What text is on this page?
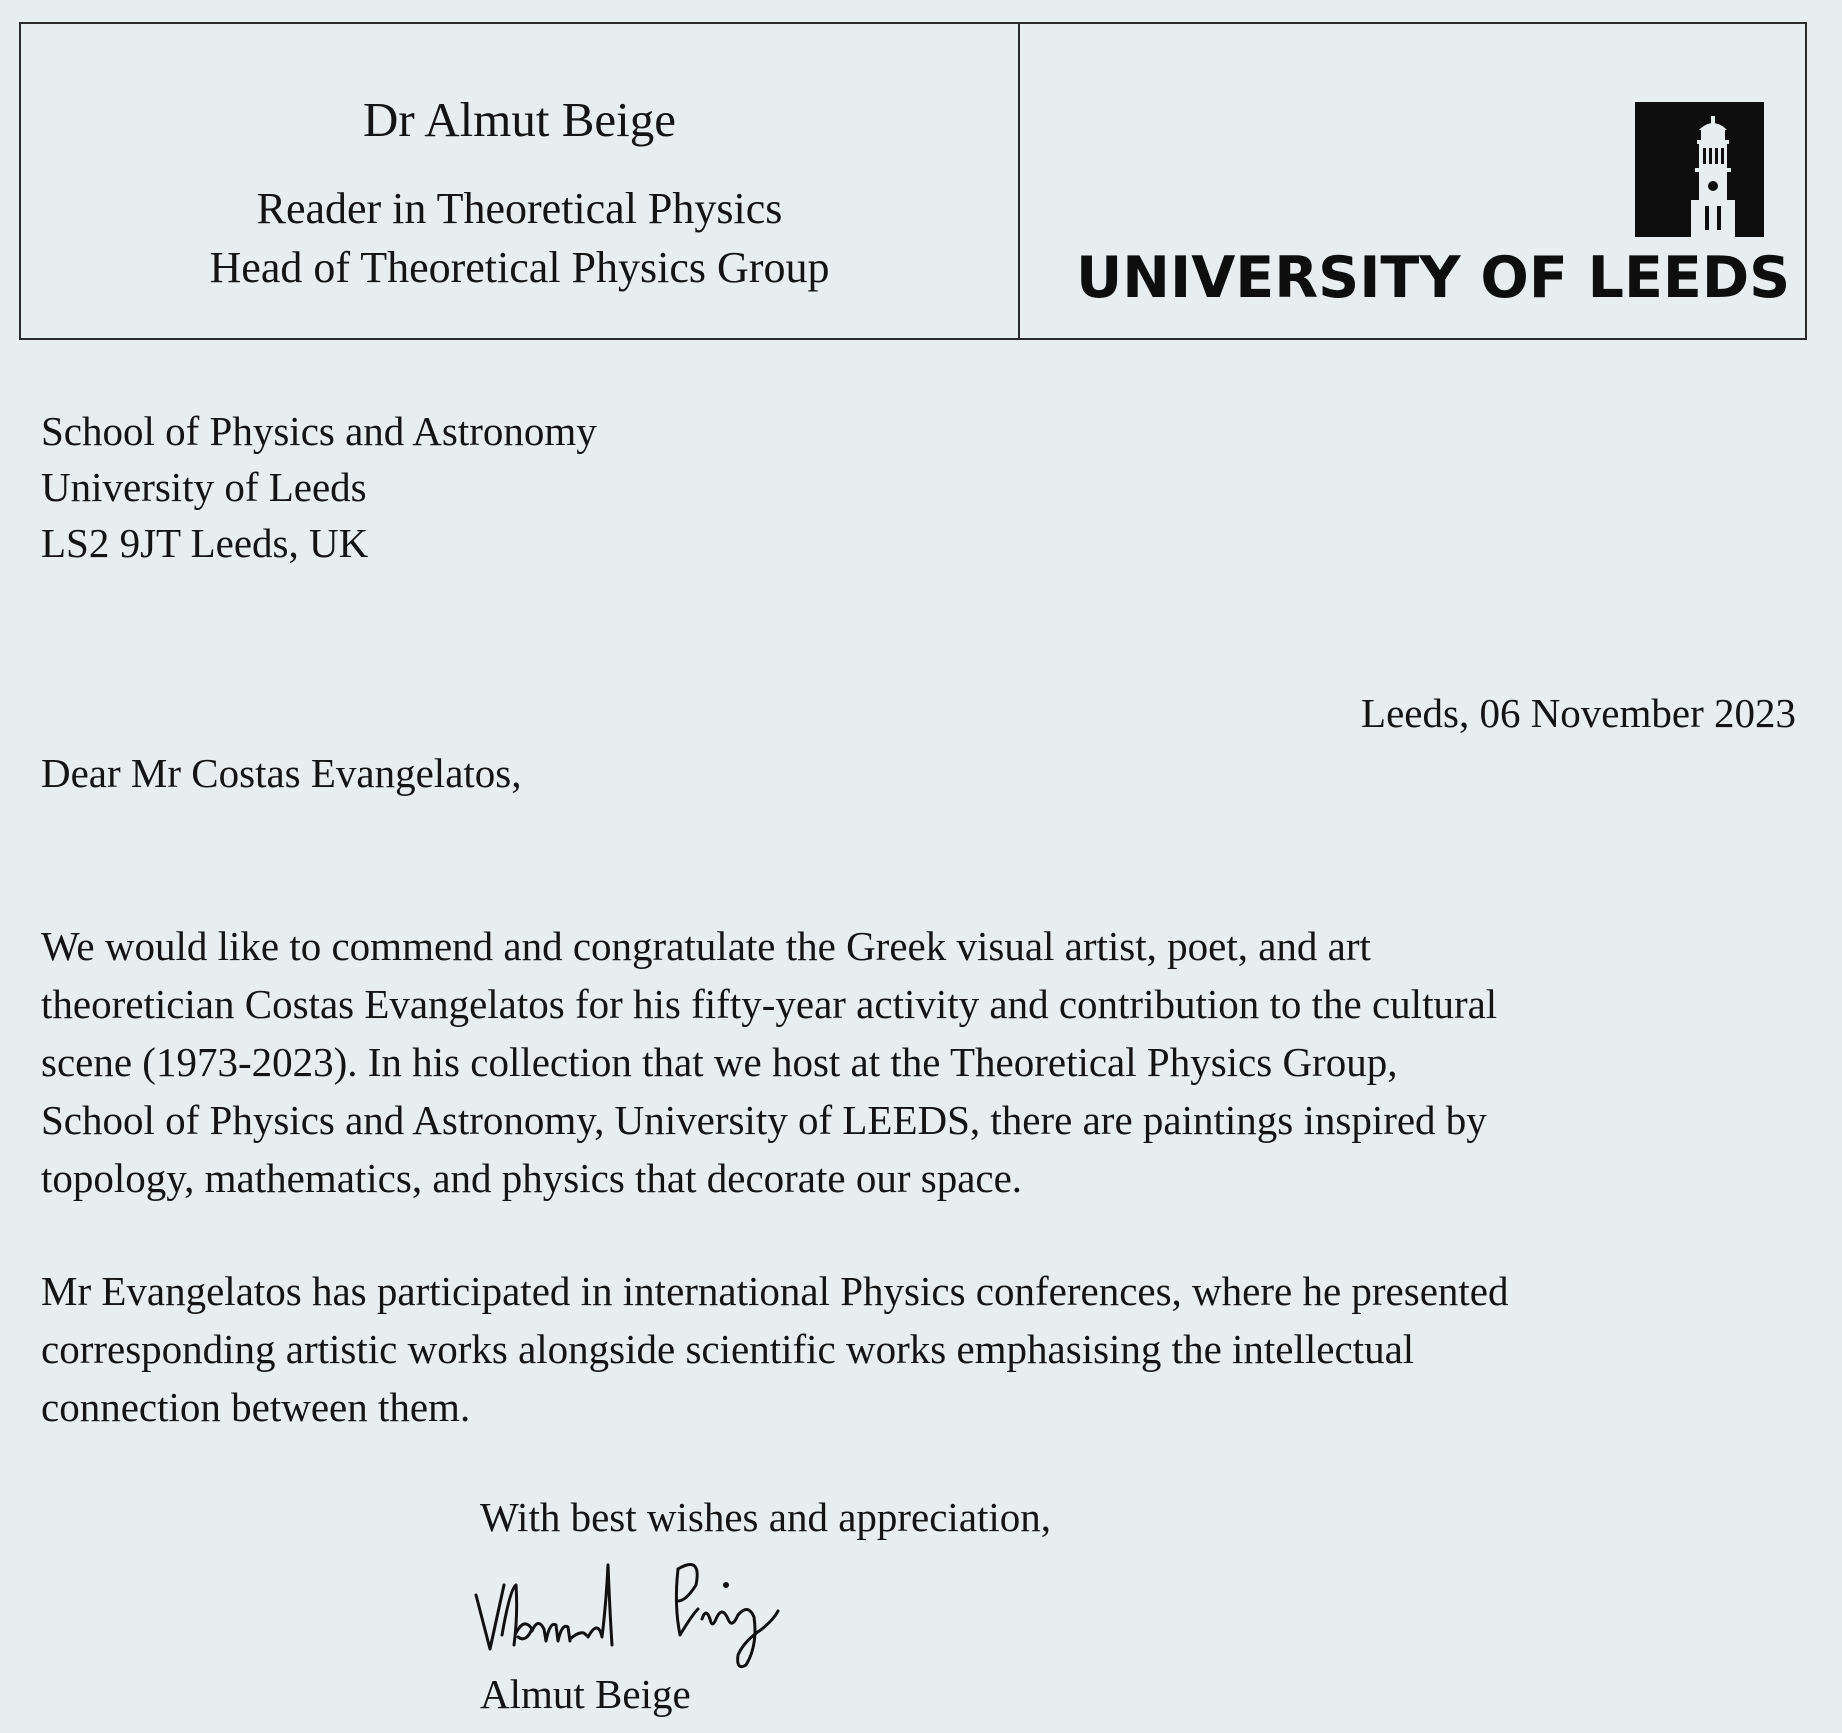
Dr Almut Beige
Reader in Theoretical Physics
Head of Theoretical Physics Group	UNIVERSITY OF LEEDS
School of Physics and Astronomy
University of Leeds
LS2 9JT Leeds, UK
Leeds, 06 November 2023
Dear Mr Costas Evangelatos,
We would like to commend and congratulate the Greek visual artist, poet, and art
theoretician Costas Evangelatos for his fifty-year activity and contribution to the cultural
scene (1973-2023). In his collection that we host at the Theoretical Physics Group,
School of Physics and Astronomy, University of LEEDS, there are paintings inspired by
topology, mathematics, and physics that decorate our space.
Mr Evangelatos has participated in international Physics conferences, where he presented
corresponding artistic works alongside scientific works emphasising the intellectual
connection between them.
With best wishes and appreciation,
Almut Beige
